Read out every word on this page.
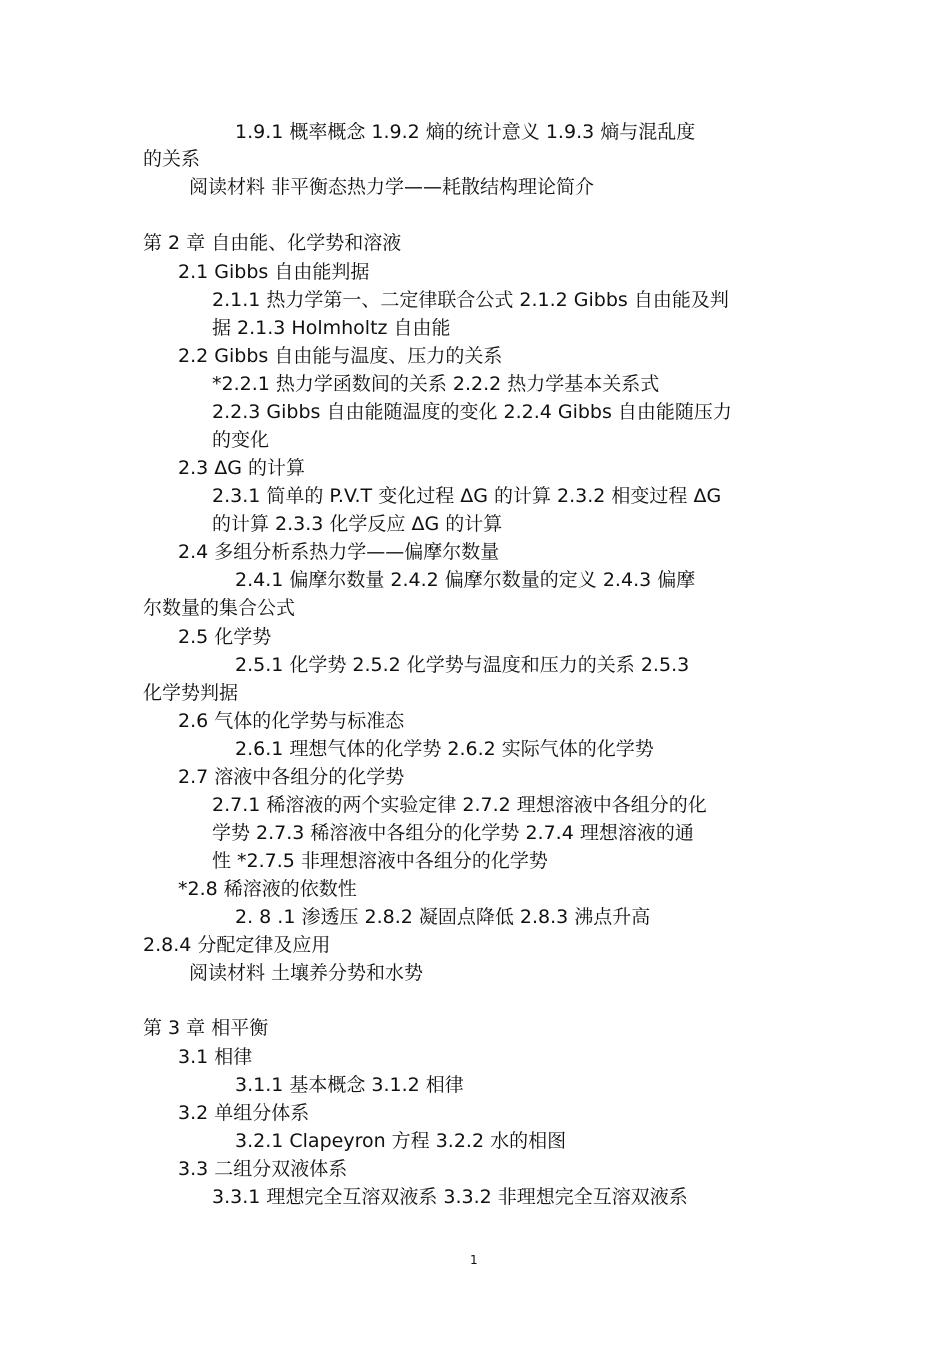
1.9.1 概率概念 1.9.2 熵的统计意义 1.9.3 熵与混乱度
的关系
阅读材料 非平衡态热力学——耗散结构理论简介
第 2 章 自由能、化学势和溶液
2.1 Gibbs 自由能判据
2.1.1 热力学第一、二定律联合公式 2.1.2 Gibbs 自由能及判
据 2.1.3 Holmholtz 自由能
2.2 Gibbs 自由能与温度、压力的关系
*2.2.1 热力学函数间的关系 2.2.2 热力学基本关系式
2.2.3 Gibbs 自由能随温度的变化 2.2.4 Gibbs 自由能随压力
的变化
2.3 ΔG 的计算
2.3.1 简单的 P.V.T 变化过程 ΔG 的计算 2.3.2 相变过程 ΔG
的计算 2.3.3 化学反应 ΔG 的计算
2.4 多组分析系热力学——偏摩尔数量
2.4.1 偏摩尔数量 2.4.2 偏摩尔数量的定义 2.4.3 偏摩
尔数量的集合公式
2.5 化学势
2.5.1 化学势 2.5.2 化学势与温度和压力的关系 2.5.3
化学势判据
2.6 气体的化学势与标准态
2.6.1 理想气体的化学势 2.6.2 实际气体的化学势
2.7 溶液中各组分的化学势
2.7.1 稀溶液的两个实验定律 2.7.2 理想溶液中各组分的化
学势 2.7.3 稀溶液中各组分的化学势 2.7.4 理想溶液的通
性 *2.7.5 非理想溶液中各组分的化学势
*2.8 稀溶液的依数性
2. 8 .1 渗透压 2.8.2 凝固点降低 2.8.3 沸点升高
2.8.4 分配定律及应用
阅读材料 土壤养分势和水势
第 3 章 相平衡
3.1 相律
3.1.1 基本概念 3.1.2 相律
3.2 单组分体系
3.2.1 Clapeyron 方程 3.2.2 水的相图
3.3 二组分双液体系
3.3.1 理想完全互溶双液系 3.3.2 非理想完全互溶双液系
1
